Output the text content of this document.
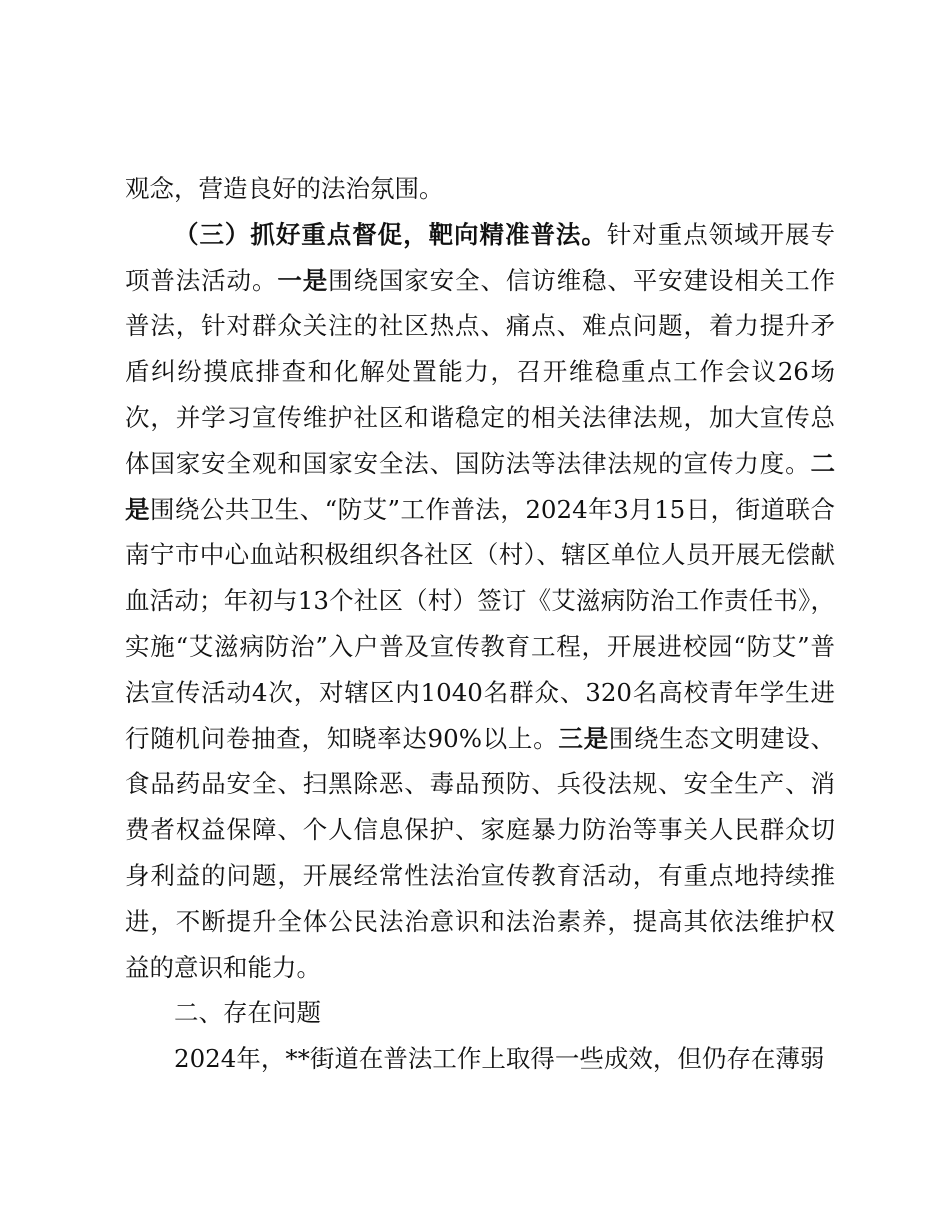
观念，营造良好的法治氛围。

（三）抓好重点督促，靶向精准普法。针对重点领域开展专项普法活动。一是围绕国家安全、信访维稳、平安建设相关工作普法，针对群众关注的社区热点、痛点、难点问题，着力提升矛盾纠纷摸底排查和化解处置能力，召开维稳重点工作会议26场次，并学习宣传维护社区和谐稳定的相关法律法规，加大宣传总体国家安全观和国家安全法、国防法等法律法规的宣传力度。二是围绕公共卫生、“防艾”工作普法，2024年3月15日，街道联合南宁市中心血站积极组织各社区（村）、辖区单位人员开展无偿献血活动；年初与13个社区（村）签订《艾滋病防治工作责任书》，实施“艾滋病防治”入户普及宣传教育工程，开展进校园“防艾”普法宣传活动4次，对辖区内1040名群众、320名高校青年学生进行随机问卷抽查，知晓率达90%以上。三是围绕生态文明建设、食品药品安全、扫黑除恶、毒品预防、兵役法规、安全生产、消费者权益保障、个人信息保护、家庭暴力防治等事关人民群众切身利益的问题，开展经常性法治宣传教育活动，有重点地持续推进，不断提升全体公民法治意识和法治素养，提高其依法维护权益的意识和能力。

二、存在问题

2024年，**街道在普法工作上取得一些成效，但仍存在薄弱
